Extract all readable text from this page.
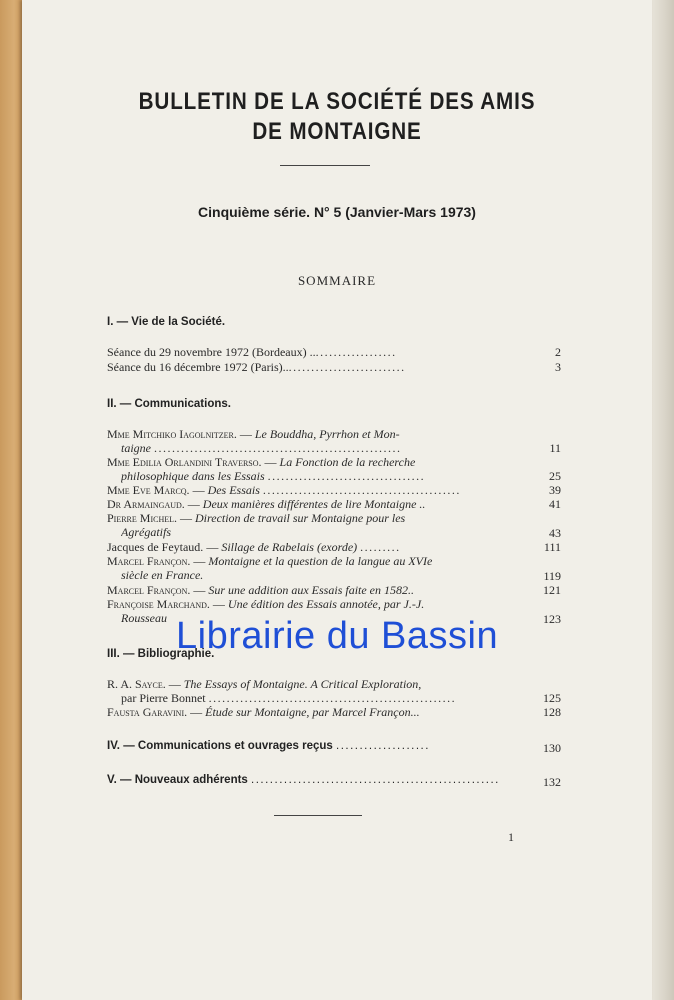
BULLETIN DE LA SOCIÉTÉ DES AMIS
DE MONTAIGNE
Cinquième série. N° 5 (Janvier-Mars 1973)
SOMMAIRE
I. — Vie de la Société.
Séance du 29 novembre 1972 (Bordeaux) ....................	2
Séance du 16 décembre 1972 (Paris)............................	3
II. — Communications.
Mme Mitchiko Iagolnitzer. — Le Bouddha, Pyrrhon et Mon-
taigne .......................................................	11
Mme Edilia Orlandini Traverso. — La Fonction de la recherche
philosophique dans les Essais ...................................	25
Mme Eve Marcq. — Des Essais ............................................	39
Dr Armaingaud. — Deux manières différentes de lire Montaigne ..	41
Pierre Michel. — Direction de travail sur Montaigne pour les
Agrégatifs	43
Jacques de Feytaud. — Sillage de Rabelais (exorde) .........	111
Marcel Françon. — Montaigne et la question de la langue au XVIe
siècle en France.	119
Marcel Françon. — Sur une addition aux Essais faite en 1582..	121
Françoise Marchand. — Une édition des Essais annotée, par J.-J.
Rousseau	123
III. — Bibliographie.
R. A. Sayce. — The Essays of Montaigne. A Critical Exploration,
par Pierre Bonnet .......................................................	125
Fausta Garavini. — Étude sur Montaigne, par Marcel Françon...	128
IV. — Communications et ouvrages reçus ....................	130
V. — Nouveaux adhérents .....................................................	132
1
Librairie du Bassin
